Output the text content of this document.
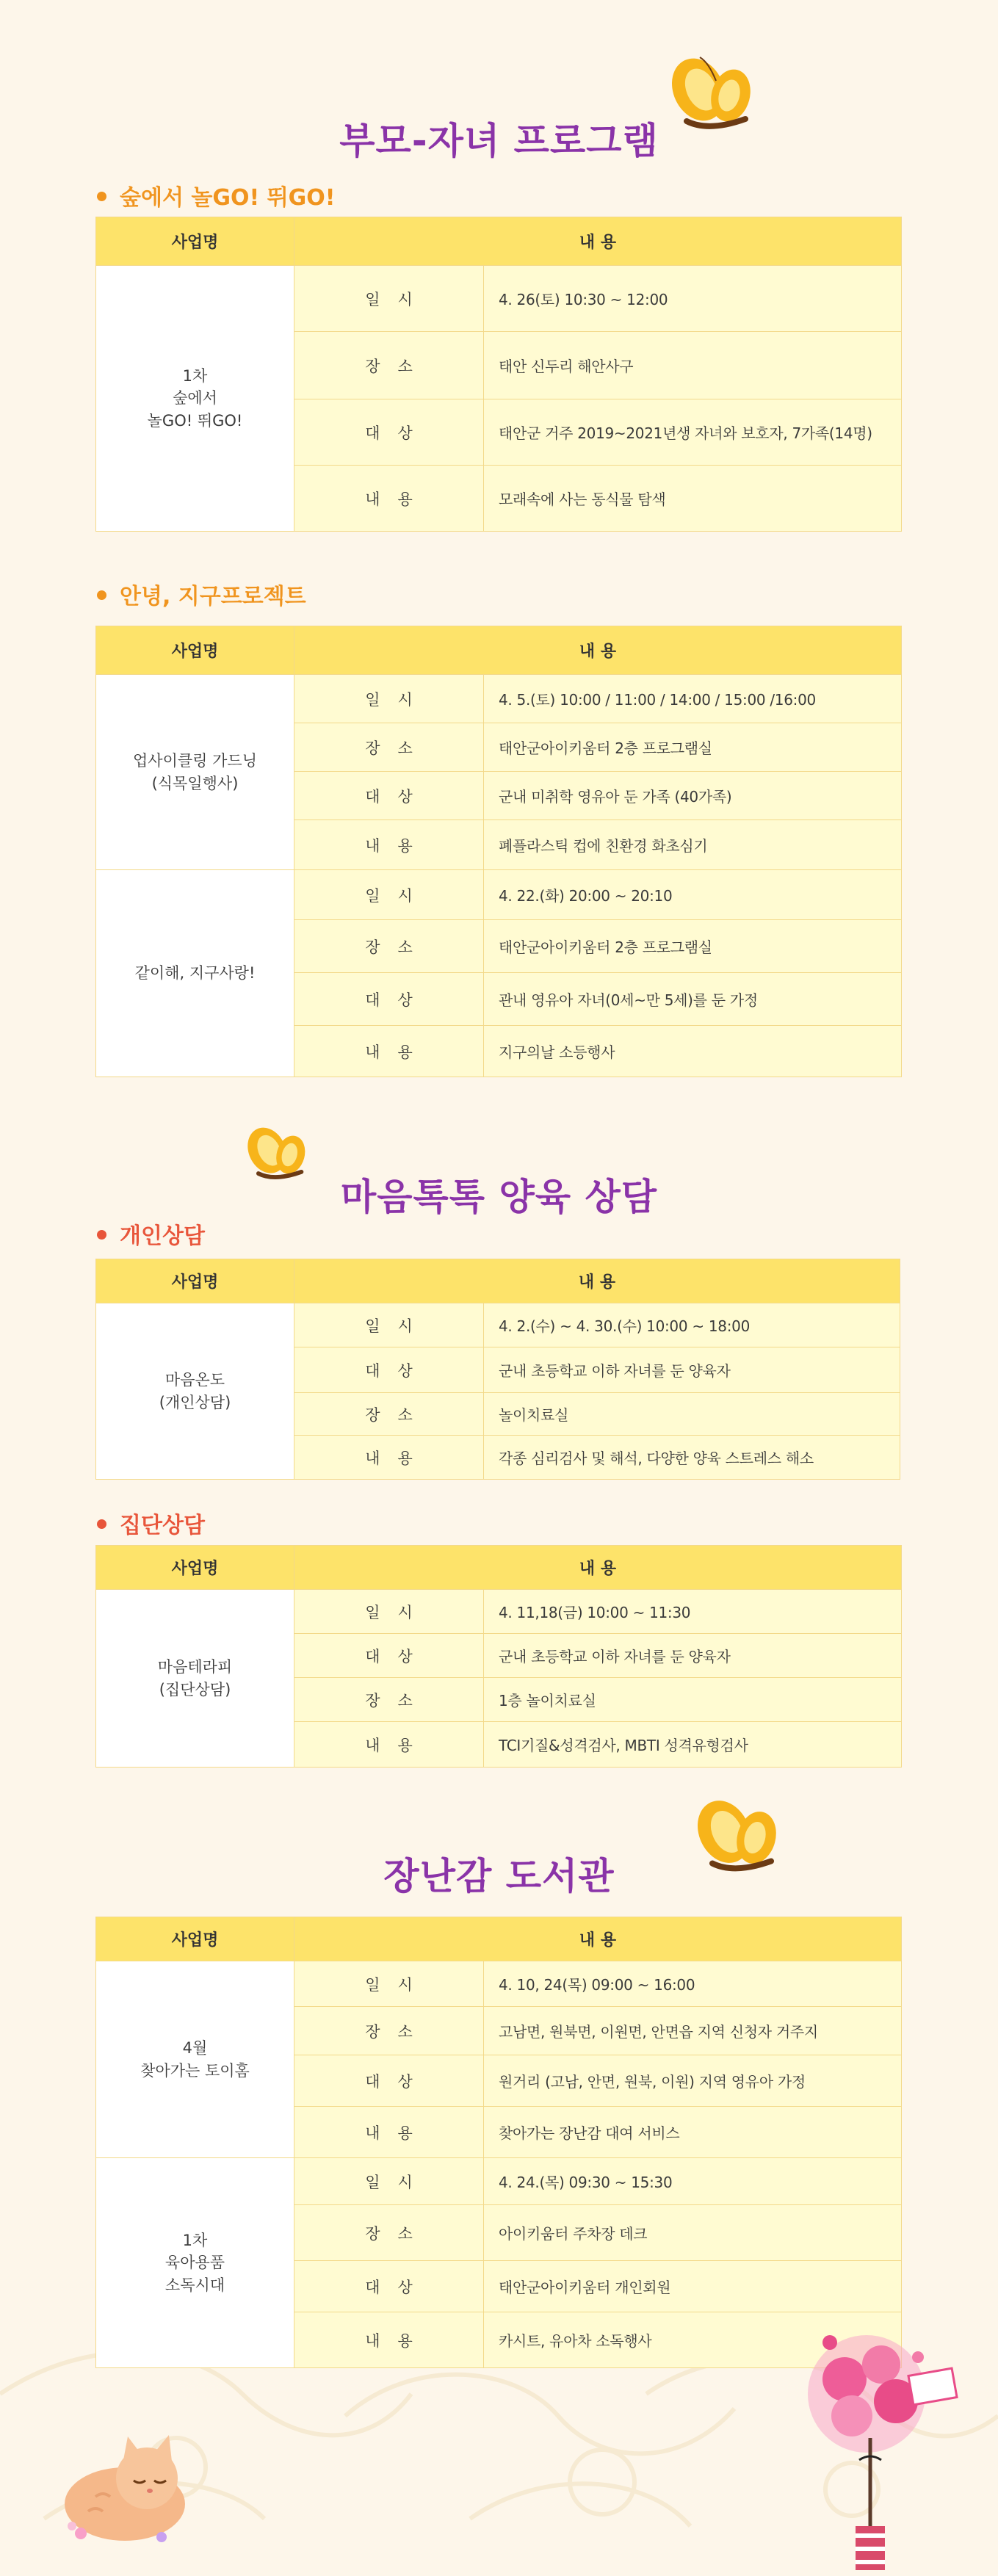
부모-자녀 프로그램
숲에서 놀GO! 뛰GO!
사업명	내 용	

1차
숲에서
놀GO! 뛰GO!	일시	4. 26(토) 10:30 ~ 12:00
	장소	태안 신두리 해안사구
	대상	태안군 거주 2019~2021년생 자녀와 보호자, 7가족(14명)
	내용	모래속에 사는 동식물 탐색
안녕, 지구프로젝트
사업명	내 용	

업사이클링 가드닝
(식목일행사)	일시	4. 5.(토) 10:00 / 11:00 / 14:00 / 15:00 /16:00
	장소	태안군아이키움터 2층 프로그램실
	대상	군내 미취학 영유아 둔 가족 (40가족)
	내용	폐플라스틱 컵에 친환경 화초심기

같이해, 지구사랑!	일시	4. 22.(화) 20:00 ~ 20:10
	장소	태안군아이키움터 2층 프로그램실
	대상	관내 영유아 자녀(0세~만 5세)를 둔 가정
	내용	지구의날 소등행사
마음톡톡 양육 상담
개인상담
사업명	내 용	

마음온도
(개인상담)	일시	4. 2.(수) ~ 4. 30.(수) 10:00 ~ 18:00
	대상	군내 초등학교 이하 자녀를 둔 양육자
	장소	놀이치료실
	내용	각종 심리검사 및 해석, 다양한 양육 스트레스 해소
집단상담
사업명	내 용	

마음테라피
(집단상담)	일시	4. 11,18(금) 10:00 ~ 11:30
	대상	군내 초등학교 이하 자녀를 둔 양육자
	장소	1층 놀이치료실
	내용	TCI기질&성격검사, MBTI 성격유형검사
장난감 도서관
사업명	내 용	

4월
찾아가는 토이홈	일시	4. 10, 24(목) 09:00 ~ 16:00
	장소	고남면, 원북면, 이원면, 안면읍 지역 신청자 거주지
	대상	원거리 (고남, 안면, 원북, 이원) 지역 영유아 가정
	내용	찾아가는 장난감 대여 서비스

1차
육아용품
소독시대	일시	4. 24.(목) 09:30 ~ 15:30
	장소	아이키움터 주차장 데크
	대상	태안군아이키움터 개인회원
	내용	카시트, 유아차 소독행사
